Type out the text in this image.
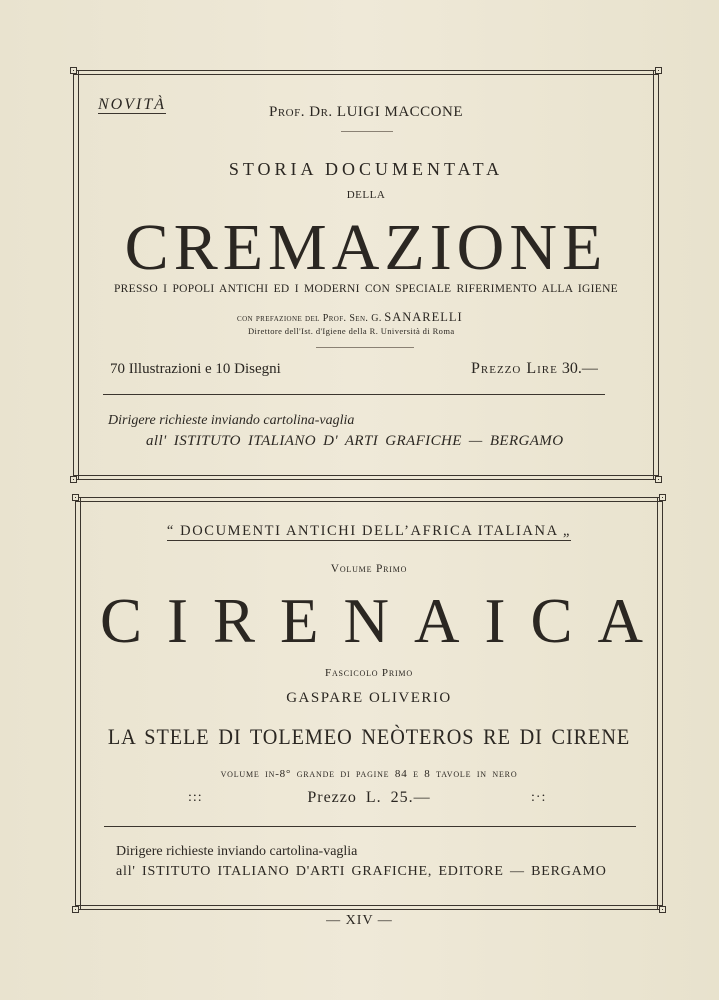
NOVITÀ	Prof. Dr. LUIGI MACCONE
STORIA DOCUMENTATA
DELLA
CREMAZIONE
PRESSO I POPOLI ANTICHI ED I MODERNI CON SPECIALE RIFERIMENTO ALLA IGIENE
con prefazione del Prof. Sen. G. SANARELLI
Direttore dell'Ist. d'Igiene della R. Università di Roma
70 Illustrazioni e 10 Disegni	Prezzo Lire 30.—
Dirigere richieste inviando cartolina-vaglia
all' ISTITUTO ITALIANO D' ARTI GRAFICHE — BERGAMO
“ DOCUMENTI ANTICHI DELL’AFRICA ITALIANA „
Volume Primo
CIRENAICA
Fascicolo Primo
GASPARE OLIVERIO
LA STELE DI TOLEMEO NEÒTEROS RE DI CIRENE
volume in-8° grande di pagine 84 e 8 tavole in nero
:::	Prezzo L. 25.—	:·:
Dirigere richieste inviando cartolina-vaglia
all' ISTITUTO ITALIANO D'ARTI GRAFICHE, EDITORE — BERGAMO
— XIV —
